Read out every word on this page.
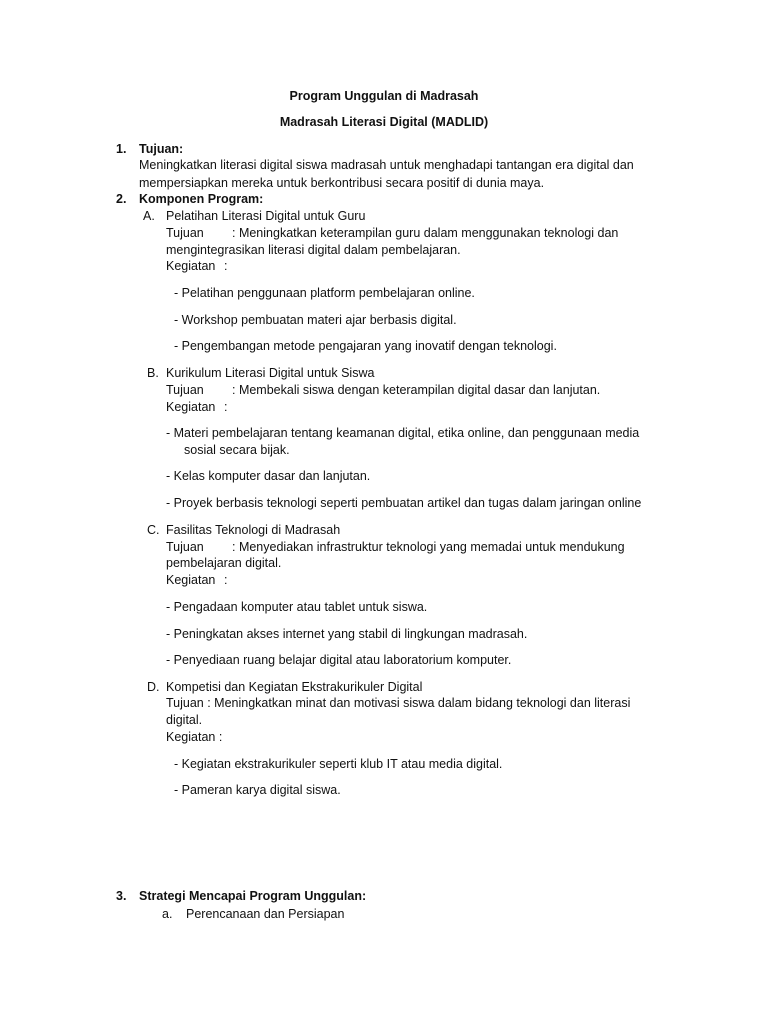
Program Unggulan di Madrasah
Madrasah Literasi Digital (MADLID)
1. Tujuan:
Meningkatkan literasi digital siswa madrasah untuk menghadapi tantangan era digital dan
mempersiapkan mereka untuk berkontribusi secara positif di dunia maya.
2. Komponen Program:
A. Pelatihan Literasi Digital untuk Guru
Tujuan : Meningkatkan keterampilan guru dalam menggunakan teknologi dan
mengintegrasikan literasi digital dalam pembelajaran.
Kegiatan :
- Pelatihan penggunaan platform pembelajaran online.
- Workshop pembuatan materi ajar berbasis digital.
- Pengembangan metode pengajaran yang inovatif dengan teknologi.
B. Kurikulum Literasi Digital untuk Siswa
Tujuan : Membekali siswa dengan keterampilan digital dasar dan lanjutan.
Kegiatan :
- Materi pembelajaran tentang keamanan digital, etika online, dan penggunaan media
sosial secara bijak.
- Kelas komputer dasar dan lanjutan.
- Proyek berbasis teknologi seperti pembuatan artikel dan tugas dalam jaringan online
C. Fasilitas Teknologi di Madrasah
Tujuan : Menyediakan infrastruktur teknologi yang memadai untuk mendukung
pembelajaran digital.
Kegiatan :
- Pengadaan komputer atau tablet untuk siswa.
- Peningkatan akses internet yang stabil di lingkungan madrasah.
- Penyediaan ruang belajar digital atau laboratorium komputer.
D. Kompetisi dan Kegiatan Ekstrakurikuler Digital
Tujuan : Meningkatkan minat dan motivasi siswa dalam bidang teknologi dan literasi
digital.
Kegiatan :
- Kegiatan ekstrakurikuler seperti klub IT atau media digital.
- Pameran karya digital siswa.
3. Strategi Mencapai Program Unggulan:
a. Perencanaan dan Persiapan
